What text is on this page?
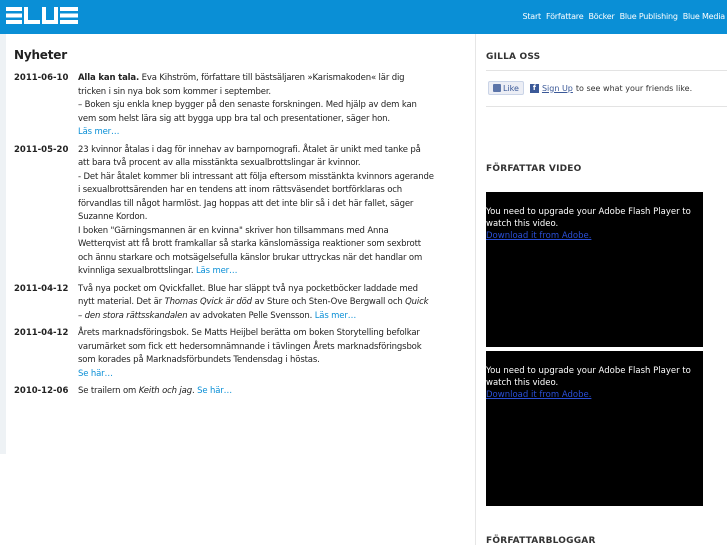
Start Författare Böcker Blue Publishing Blue Media
Nyheter
2011-06-10	Alla kan tala. Eva Kihström, författare till bästsäljaren »Karismakoden« lär dig tricken i sin nya bok som kommer i september.
– Boken sju enkla knep bygger på den senaste forskningen. Med hjälp av dem kan vem som helst lära sig att bygga upp bra tal och presentationer, säger hon.
Läs mer…
2011-05-20	23 kvinnor åtalas i dag för innehav av barnpornografi. Åtalet är unikt med tanke på att bara två procent av alla misstänkta sexualbrottslingar är kvinnor.
- Det här åtalet kommer bli intressant att följa eftersom misstänkta kvinnors agerande i sexualbrottsärenden har en tendens att inom rättsväsendet bortförklaras och förvandlas till något harmlöst. Jag hoppas att det inte blir så i det här fallet, säger Suzanne Kordon.
I boken "Gärningsmannen är en kvinna" skriver hon tillsammans med Anna Wetterqvist att få brott framkallar så starka känslomässiga reaktioner som sexbrott och ännu starkare och motsägelsefulla känslor brukar uttryckas när det handlar om kvinnliga sexualbrottslingar. Läs mer…
2011-04-12	Två nya pocket om Qvickfallet. Blue har släppt två nya pocketböcker laddade med nytt material. Det är Thomas Qvick är död av Sture och Sten-Ove Bergwall och Quick – den stora rättsskandalen av advokaten Pelle Svensson. Läs mer…
2011-04-12	Årets marknadsföringsbok. Se Matts Heijbel berätta om boken Storytelling befolkar varumärket som fick ett hedersomnämnande i tävlingen Årets marknadsföringsbok som korades på Marknadsförbundets Tendensdag i höstas.
Se här…
2010-12-06	Se trailern om Keith och jag. Se här…
GILLA OSS
Like	f Sign Up to see what your friends like.
FÖRFATTAR VIDEO
You need to upgrade your Adobe Flash Player to watch this video.
Download it from Adobe.
You need to upgrade your Adobe Flash Player to watch this video.
Download it from Adobe.
FÖRFATTARBLOGGAR
